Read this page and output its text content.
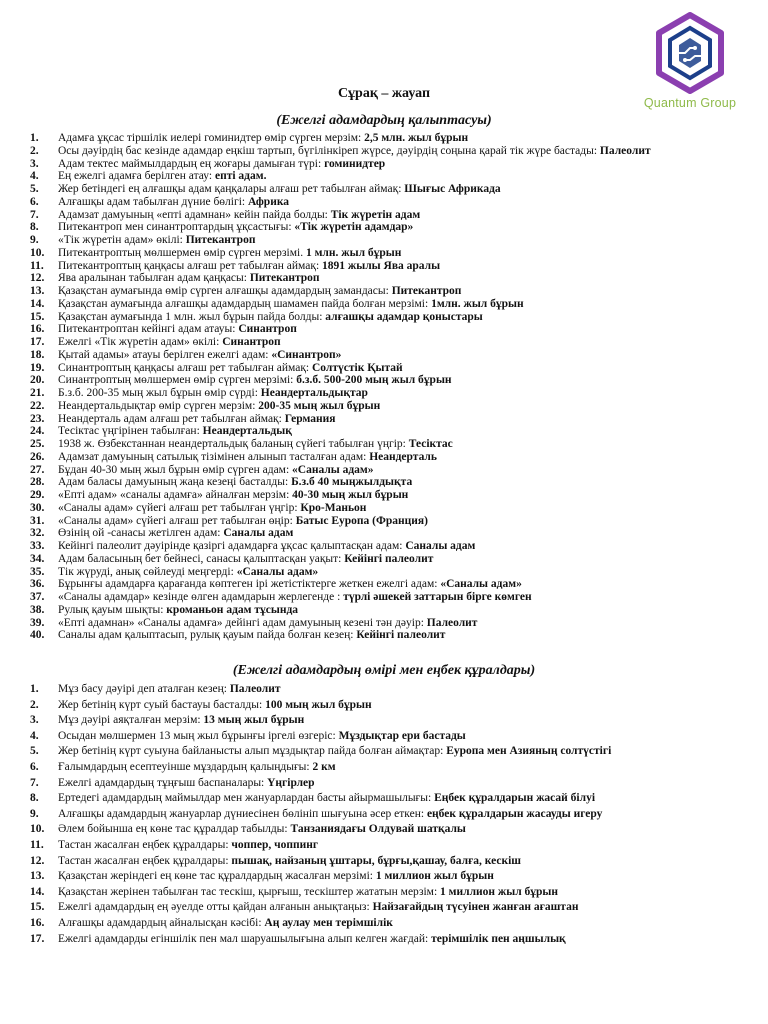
Quantum Group
Сұрақ – жауап
(Ежелгі адамдардың қалыптасуы)
1. Адамға ұқсас тіршілік иелері гоминидтер өмір сүрген мерзім: 2,5 млн. жыл бұрын
2. Осы дәуірдің бас кезінде адамдар еңкіш тартып, бүгілінкіреп жүрсе, дәуірдің соңына қарай тік жүре бастады: Палеолит
3. Адам тектес маймылдардың ең жоғары дамыған түрі: гоминидтер
4. Ең ежелгі адамға берілген атау: епті адам.
5. Жер бетіндегі ең алғашқы адам қаңқалары алғаш рет табылған аймақ: Шығыс Африкада
6. Алғашқы адам табылған дүние бөлігі: Африка
7. Адамзат дамуының «епті адамнан» кейін пайда болды: Тік жүретін адам
8. Питекантроп мен синантроптардың ұқсастығы: «Тік жүретін адамдар»
9. «Тік жүретін адам» өкілі: Питекантроп
10. Питекантроптың мөлшермен өмір сүрген мерзімі. 1 млн. жыл бұрын
11. Питекантроптың қаңқасы алғаш рет табылған аймақ: 1891 жылы Ява аралы
12. Ява аралынан табылған адам қаңқасы: Питекантроп
13. Қазақстан аумағында өмір сүрген алғашқы адамдардың замандасы: Питекантроп
14. Қазақстан аумағында алғашқы адамдардың шамамен пайда болған мерзімі: 1млн. жыл бұрын
15. Қазақстан аумағында 1 млн. жыл бұрын пайда болды: алғашқы адамдар қоныстары
16. Питекантроптан кейінгі адам атауы: Синантроп
17. Ежелгі «Тік жүретін адам» өкілі: Синантроп
18. Қытай адамы» атауы берілген ежелгі адам: «Синантроп»
19. Синантроптың қаңқасы алғаш рет табылған аймақ: Солтүстік Қытай
20. Синантроптың мөлшермен өмір сүрген мерзімі: б.з.б. 500-200 мың жыл бұрын
21. Б.з.б. 200-35 мың жыл бұрын өмір сүрді: Неандертальдықтар
22. Неандертальдықтар өмір сүрген мерзім: 200-35 мың жыл бұрын
23. Неандерталь адам алғаш рет табылған аймақ: Германия
24. Тесіктас үңгірінен табылған: Неандертальдық
25. 1938 ж. Өзбекстаннан неандертальдық баланың сүйегі табылған үңгір: Тесіктас
26. Адамзат дамуының сатылық тізімінен алынып тасталған адам: Неандерталь
27. Бұдан 40-30 мың жыл бұрын өмір сүрген адам: «Саналы адам»
28. Адам баласы дамуының жаңа кезеңі басталды: Б.з.б 40 мыңжылдықта
29. «Епті адам» «саналы адамға» айналған мерзім: 40-30 мың жыл бұрын
30. «Саналы адам» сүйегі алғаш рет табылған үңгір: Кро-Маньон
31. «Саналы адам» сүйегі алғаш рет табылған өңір: Батыс Еуропа (Франция)
32. Өзінің ой -санасы жетілген адам: Саналы адам
33. Кейінгі палеолит дәуірінде қазіргі адамдарға ұқсас қалыптасқан адам: Саналы адам
34. Адам баласының бет бейнесі, санасы қалыптасқан уақыт: Кейінгі палеолит
35. Тік жүруді, анық сөйлеуді меңгерді: «Саналы адам»
36. Бұрынғы адамдарға қарағанда көптеген ірі жетістіктерге жеткен ежелгі адам: «Саналы адам»
37. «Саналы адамдар» кезінде өлген адамдарын жерлегенде : түрлі әшекей заттарын бірге көмген
38. Рулық қауым шықты: кроманьон адам тұсында
39. «Епті адамнан» «Саналы адамға» дейінгі адам дамуының кезені тән дәуір: Палеолит
40. Саналы адам қалыптасып, рулық қауым пайда болған кезең: Кейінгі палеолит
(Ежелгі адамдардың өмірі мен еңбек құралдары)
1. Мұз басу дәуірі деп аталған кезең: Палеолит
2. Жер бетінің күрт суый бастауы басталды: 100 мың жыл бұрын
3. Мұз дәуірі аяқталған мерзім: 13 мың жыл бұрын
4. Осыдан мөлшермен 13 мың жыл бұрынғы іргелі өзгеріс: Мұздықтар ери бастады
5. Жер бетінің күрт суыуна байланысты алып мұздықтар пайда болған аймақтар: Еуропа мен Азияның солтүстігі
6. Ғалымдардың есептеуінше мұздардың қалыңдығы: 2 км
7. Ежелгі адамдардың тұңғыш баспаналары: Үңгірлер
8. Ертедегі адамдардың маймылдар мен жануарлардан басты айырмашылығы: Еңбек құралдарын жасай білуі
9. Алғашқы адамдардың жануарлар дүниесінен бөлініп шығуына әсер еткен: еңбек құралдарын жасауды игеру
10. Әлем бойынша ең көне тас құралдар табылды: Танзаниядағы Олдувай шатқалы
11. Тастан жасалған еңбек құралдары: чоппер, чоппинг
12. Тастан жасалған еңбек құралдары: пышақ, найзаның ұштары, бұрғы,қашау, балға, кескіш
13. Қазақстан жеріндегі ең көне тас құралдардың жасалған мерзімі: 1 миллион жыл бұрын
14. Қазақстан жерінен табылған тас тескіш, қырғыш, тескіштер жататын мерзім: 1 миллион жыл бұрын
15. Ежелгі адамдардың ең әуелде отты қайдан алғанын анықтаңыз: Найзағайдың түсуінен жанған ағаштан
16. Алғашқы адамдардың айналысқан кәсібі: Аң аулау мен терімшілік
17. Ежелгі адамдарды егіншілік пен мал шаруашылығына алып келген жағдай: терімшілік пен аңшылық
